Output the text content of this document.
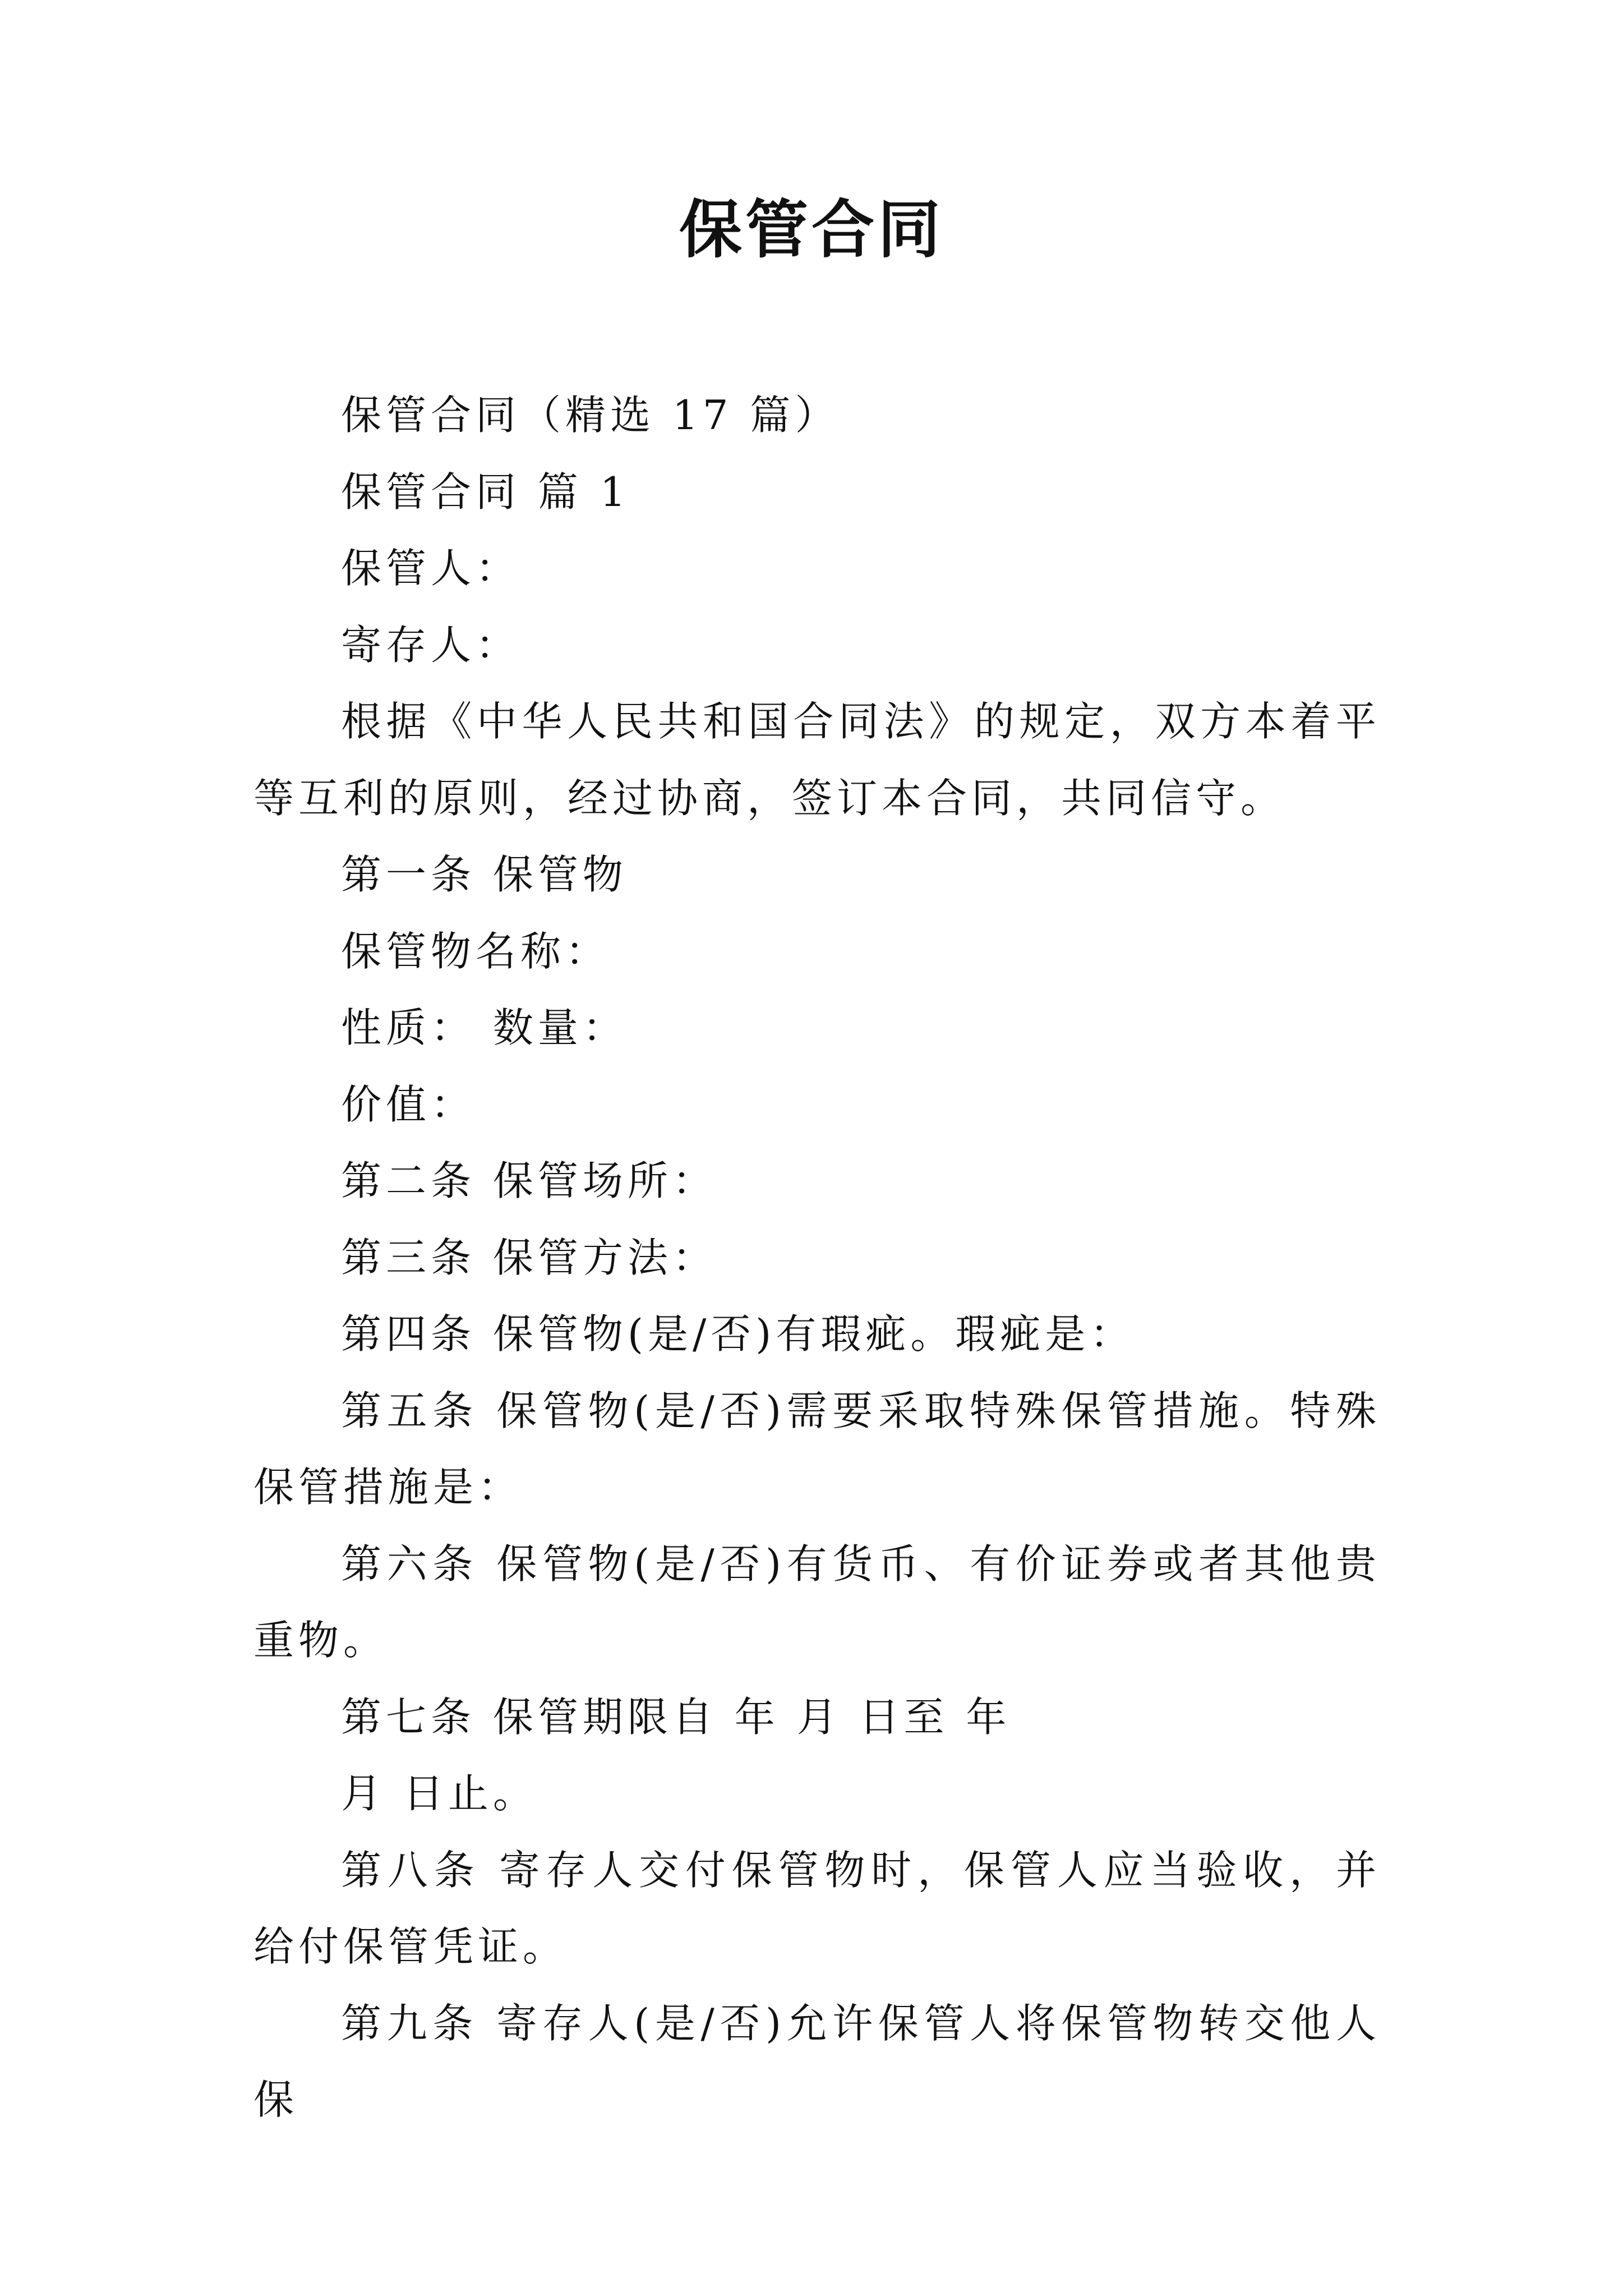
保管合同

保管合同（精选 17 篇）

保管合同 篇 1

保管人：

寄存人：

根据《中华人民共和国合同法》的规定，双方本着平等互利的原则，经过协商，签订本合同，共同信守。

第一条 保管物

保管物名称：

性质： 数量：

价值：

第二条 保管场所：

第三条 保管方法：

第四条 保管物(是/否)有瑕疵。瑕疵是：

第五条 保管物(是/否)需要采取特殊保管措施。特殊保管措施是：

第六条 保管物(是/否)有货币、有价证券或者其他贵重物。

第七条 保管期限自 年 月 日至 年

月 日止。

第八条 寄存人交付保管物时，保管人应当验收，并给付保管凭证。

第九条 寄存人(是/否)允许保管人将保管物转交他人保
